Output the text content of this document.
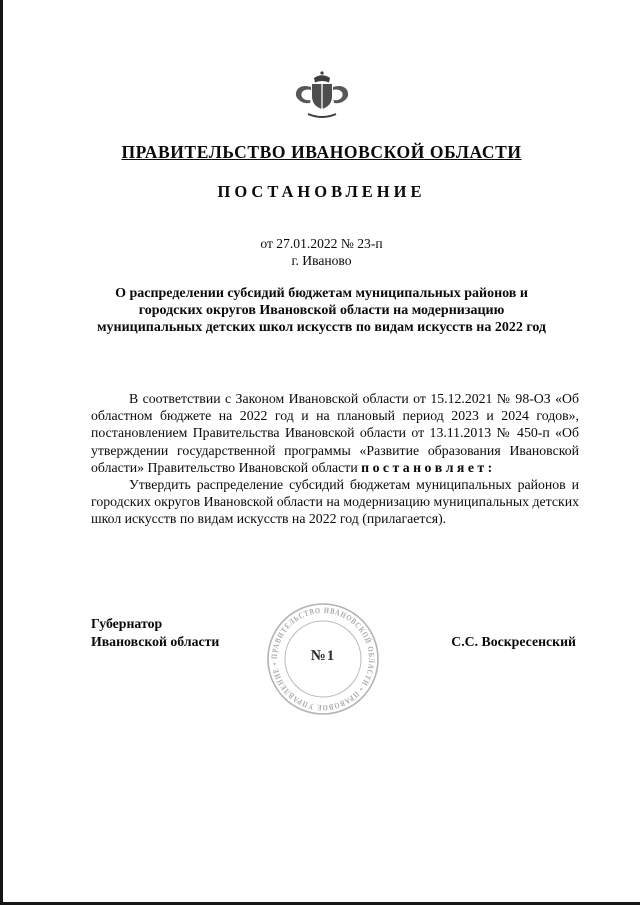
ПРАВИТЕЛЬСТВО ИВАНОВСКОЙ ОБЛАСТИ
ПОСТАНОВЛЕНИЕ
от 27.01.2022 № 23-п
г. Иваново
О распределении субсидий бюджетам муниципальных районов и городских округов Ивановской области на модернизацию муниципальных детских школ искусств по видам искусств на 2022 год

В соответствии с Законом Ивановской области от 15.12.2021 № 98-ОЗ «Об областном бюджете на 2022 год и на плановый период 2023 и 2024 годов», постановлением Правительства Ивановской области от 13.11.2013 № 450-п «Об утверждении государственной программы «Развитие образования Ивановской области» Правительство Ивановской области п о с т а н о в л я е т :

Утвердить распределение субсидий бюджетам муниципальных районов и городских округов Ивановской области на модернизацию муниципальных детских школ искусств по видам искусств на 2022 год (прилагается).

Губернатор
Ивановской области
ПРАВИТЕЛЬСТВО ИВАНОВСКОЙ ОБЛАСТИ • ПРАВОВОЕ УПРАВЛЕНИЕ •	№1
С.С. Воскресенский
